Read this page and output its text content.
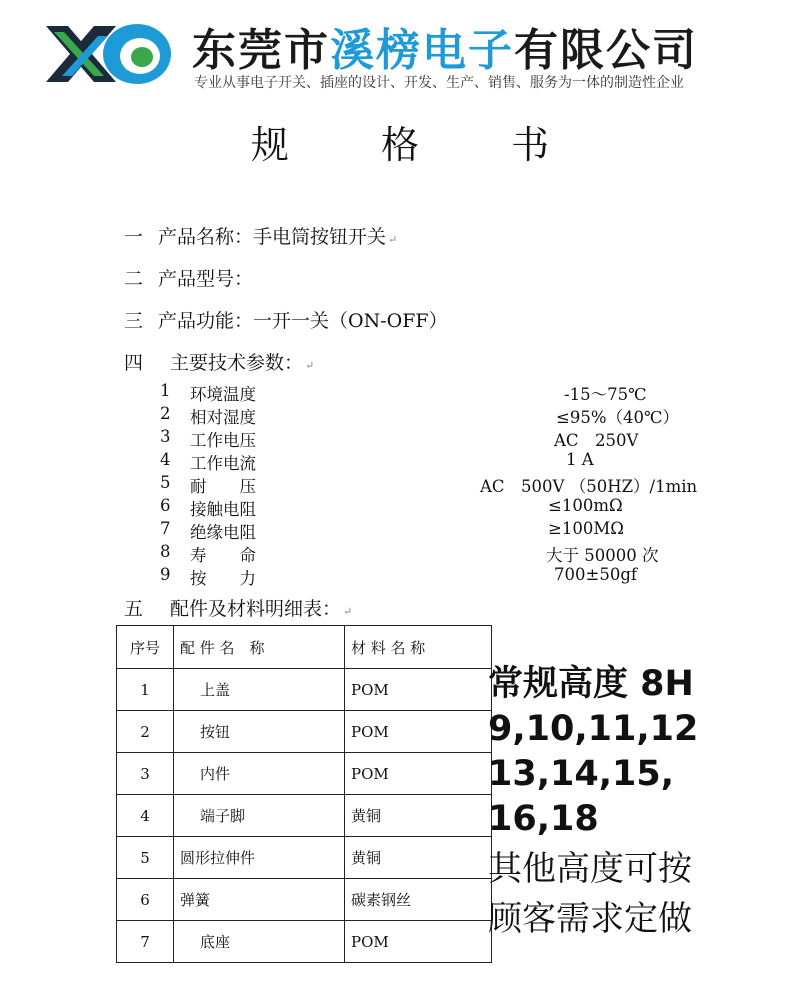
东莞市溪榜电子有限公司
专业从事电子开关、插座的设计、开发、生产、销售、服务为一体的制造性企业
规 格 书
一 产品名称：手电筒按钮开关 ↵
二 产品型号：
三 产品功能：一开一关（ON-OFF）
四 主要技术参数： ↵
1	环境温度	-15～75℃
2	相对湿度	≤95%（40℃）
3	工作电压	AC　250V
4	工作电流	1 A
5	耐　　压	AC　500V （50HZ）/1min
6	接触电阻	≤100mΩ
7	绝缘电阻	≥100MΩ
8	寿　　命	大于 50000 次
9	按　　力	700±50gf
五 配件及材料明细表： ↵
序号	配 件 名　称	材 料 名 称
1	上盖	POM
2	按钮	POM
3	内件	POM
4	端子脚	黄铜
5	圆形拉伸件	黄铜
6	弹簧	碳素钢丝
7	底座	POM
常规高度 8H
9,10,11,12
13,14,15,
16,18
其他高度可按
顾客需求定做
